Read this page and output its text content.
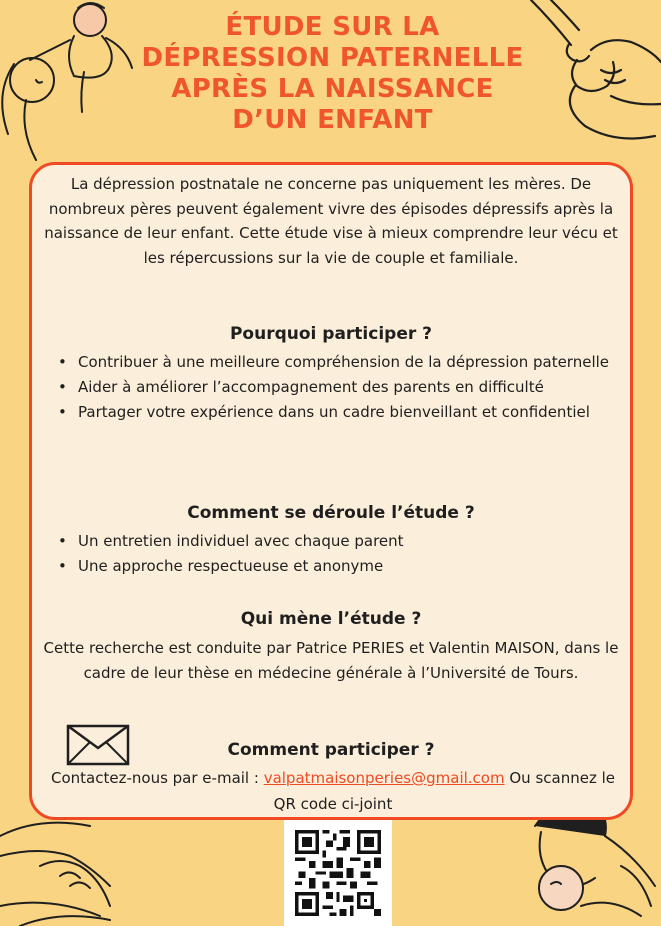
ÉTUDE SUR LA
DÉPRESSION PATERNELLE
APRÈS LA NAISSANCE
D’UN ENFANT
La dépression postnatale ne concerne pas uniquement les mères. De nombreux pères peuvent également vivre des épisodes dépressifs après la naissance de leur enfant. Cette étude vise à mieux comprendre leur vécu et les répercussions sur la vie de couple et familiale.
Pourquoi participer ?
• Contribuer à une meilleure compréhension de la dépression paternelle
• Aider à améliorer l’accompagnement des parents en difficulté
• Partager votre expérience dans un cadre bienveillant et confidentiel
Comment se déroule l’étude ?
• Un entretien individuel avec chaque parent
• Une approche respectueuse et anonyme
Qui mène l’étude ?
Cette recherche est conduite par Patrice PERIES et Valentin MAISON, dans le cadre de leur thèse en médecine générale à l’Université de Tours.
Comment participer ?
Contactez-nous par e-mail : valpatmaisonperies@gmail.com Ou scannez le QR code ci-joint
